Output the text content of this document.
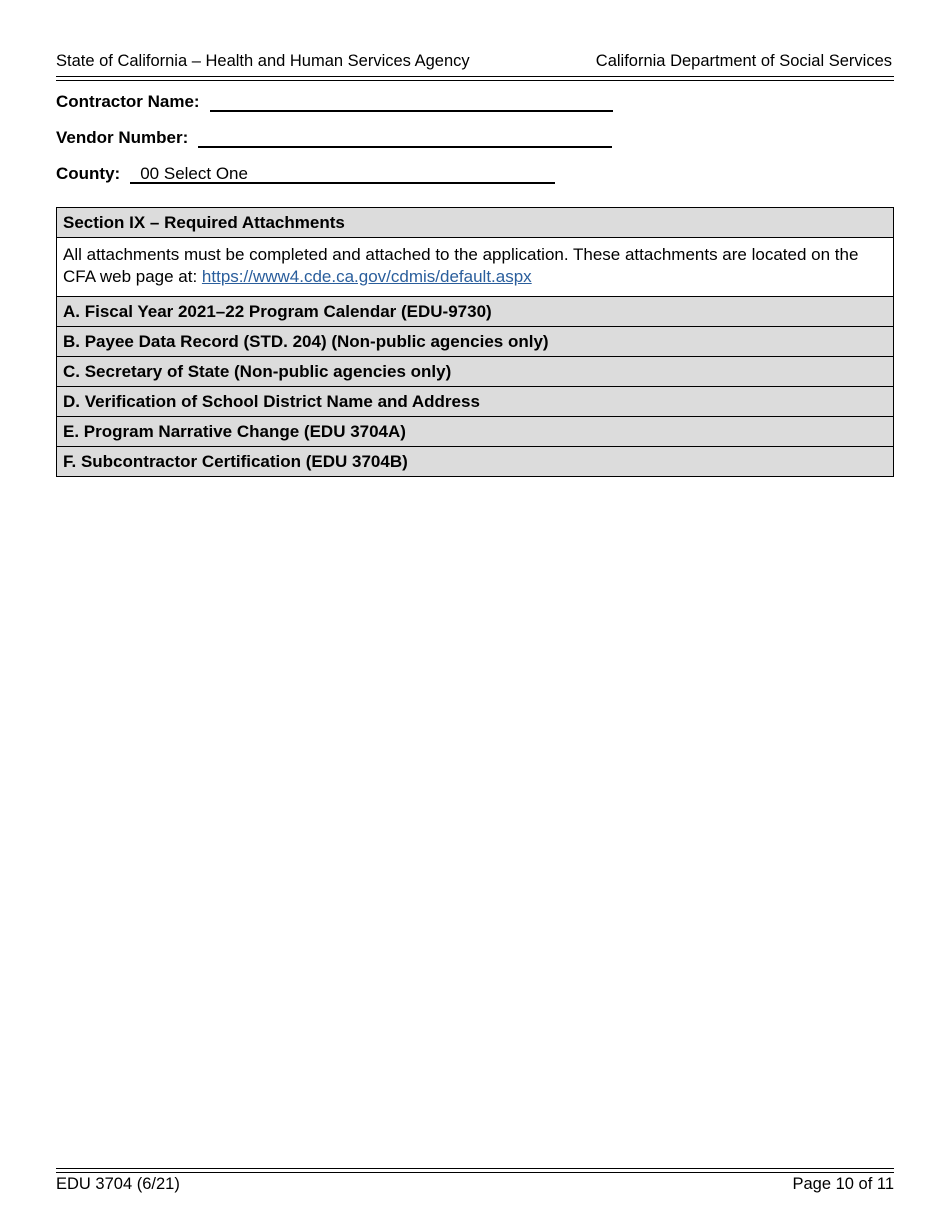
State of California – Health and Human Services Agency	California Department of Social Services
Contractor Name:
Vendor Number:
County:	00 Select One
Section IX – Required Attachments
All attachments must be completed and attached to the application. These attachments are located on the CFA web page at: https://www4.cde.ca.gov/cdmis/default.aspx
A. Fiscal Year 2021–22 Program Calendar (EDU-9730)
B. Payee Data Record (STD. 204) (Non-public agencies only)
C. Secretary of State (Non-public agencies only)
D. Verification of School District Name and Address
E. Program Narrative Change (EDU 3704A)
F. Subcontractor Certification (EDU 3704B)
EDU 3704 (6/21)	Page 10 of 11
